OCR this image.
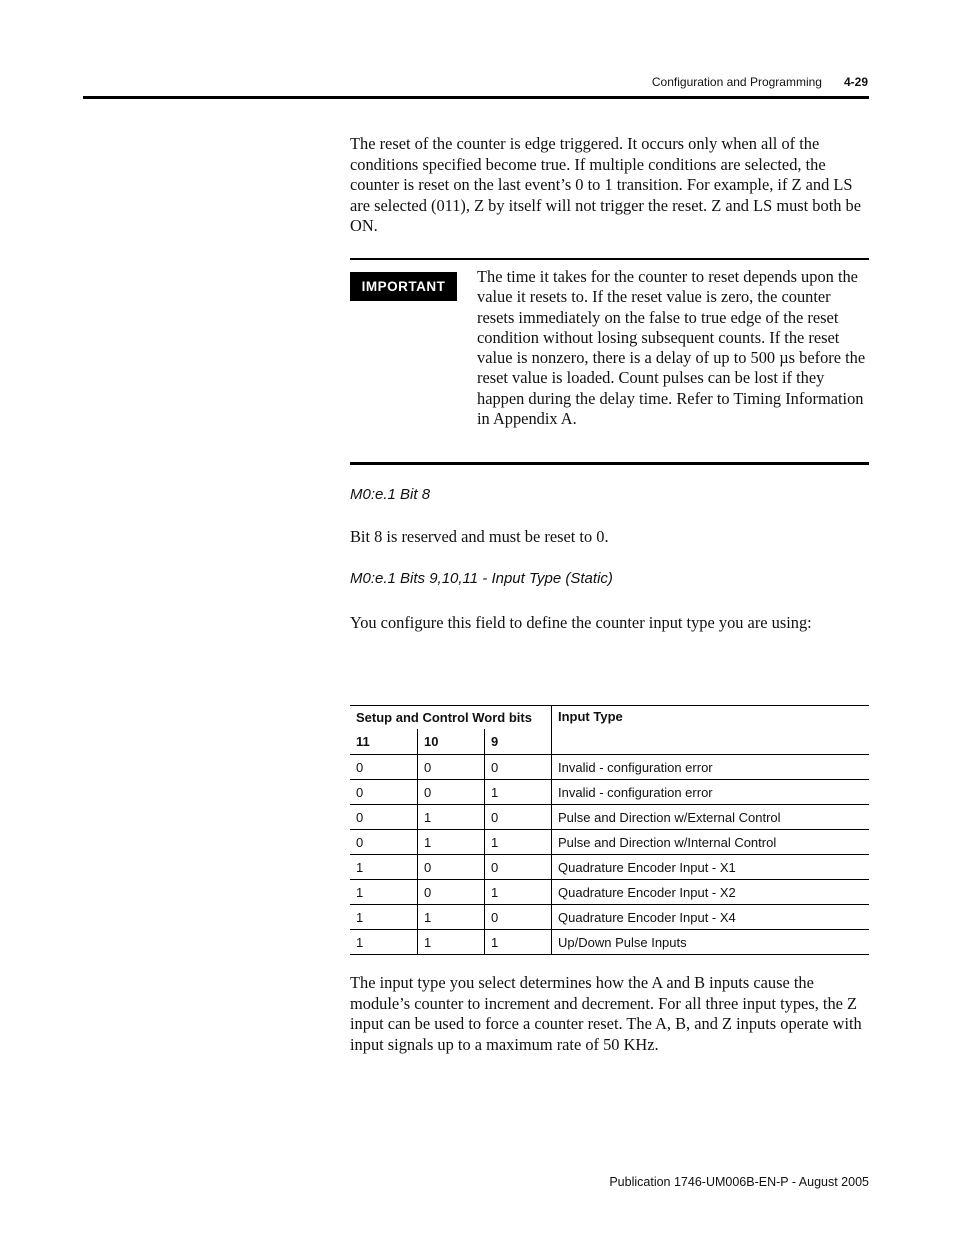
Configuration and Programming 4-29

The reset of the counter is edge triggered. It occurs only when all of the conditions specified become true. If multiple conditions are selected, the counter is reset on the last event’s 0 to 1 transition. For example, if Z and LS are selected (011), Z by itself will not trigger the reset. Z and LS must both be ON.

IMPORTANT

The time it takes for the counter to reset depends upon the value it resets to. If the reset value is zero, the counter resets immediately on the false to true edge of the reset condition without losing subsequent counts. If the reset value is nonzero, there is a delay of up to 500 µs before the reset value is loaded. Count pulses can be lost if they happen during the delay time. Refer to Timing Information in Appendix A.

M0:e.1 Bit 8

Bit 8 is reserved and must be reset to 0.

M0:e.1 Bits 9,10,11 - Input Type (Static)

You configure this field to define the counter input type you are using:

Setup and Control Word bits			Input Type
11	10	9	
0	0	0	Invalid - configuration error
0	0	1	Invalid - configuration error
0	1	0	Pulse and Direction w/External Control
0	1	1	Pulse and Direction w/Internal Control
1	0	0	Quadrature Encoder Input - X1
1	0	1	Quadrature Encoder Input - X2
1	1	0	Quadrature Encoder Input - X4
1	1	1	Up/Down Pulse Inputs

The input type you select determines how the A and B inputs cause the module’s counter to increment and decrement. For all three input types, the Z input can be used to force a counter reset. The A, B, and Z inputs operate with input signals up to a maximum rate of 50 KHz.

Publication 1746-UM006B-EN-P - August 2005
